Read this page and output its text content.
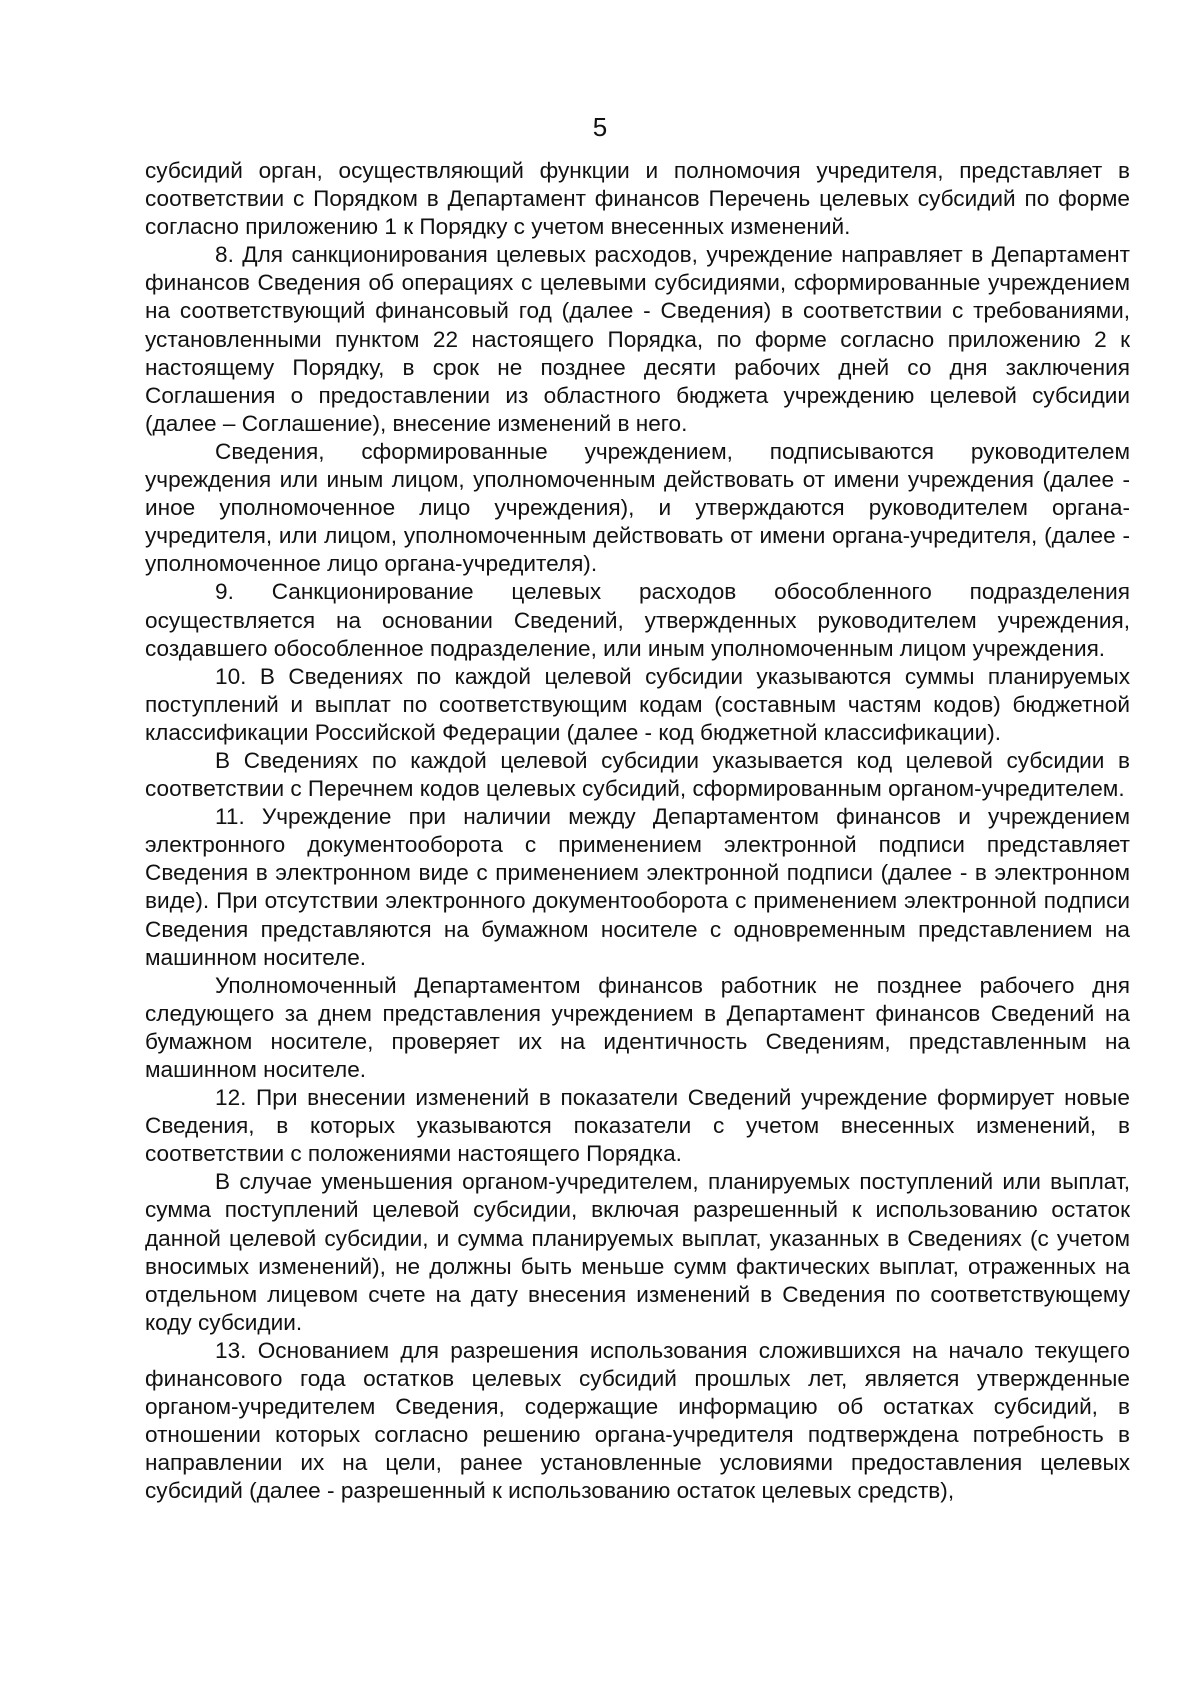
5

субсидий орган, осуществляющий функции и полномочия учредителя, представляет в соответствии с Порядком в Департамент финансов Перечень целевых субсидий по форме согласно приложению 1 к Порядку с учетом внесенных изменений.

8. Для санкционирования целевых расходов, учреждение направляет в Департамент финансов Сведения об операциях с целевыми субсидиями, сформированные учреждением на соответствующий финансовый год (далее - Сведения) в соответствии с требованиями, установленными пунктом 22 настоящего Порядка, по форме согласно приложению 2 к настоящему Порядку, в срок не позднее десяти рабочих дней со дня заключения Соглашения о предоставлении из областного бюджета учреждению целевой субсидии (далее – Соглашение), внесение изменений в него.

Сведения, сформированные учреждением, подписываются руководителем учреждения или иным лицом, уполномоченным действовать от имени учреждения (далее - иное уполномоченное лицо учреждения), и утверждаются руководителем органа-учредителя, или лицом, уполномоченным действовать от имени органа-учредителя, (далее - уполномоченное лицо органа-учредителя).

9. Санкционирование целевых расходов обособленного подразделения осуществляется на основании Сведений, утвержденных руководителем учреждения, создавшего обособленное подразделение, или иным уполномоченным лицом учреждения.

10. В Сведениях по каждой целевой субсидии указываются суммы планируемых поступлений и выплат по соответствующим кодам (составным частям кодов) бюджетной классификации Российской Федерации (далее - код бюджетной классификации).

В Сведениях по каждой целевой субсидии указывается код целевой субсидии в соответствии с Перечнем кодов целевых субсидий, сформированным органом-учредителем.

11. Учреждение при наличии между Департаментом финансов и учреждением электронного документооборота с применением электронной подписи представляет Сведения в электронном виде с применением электронной подписи (далее - в электронном виде). При отсутствии электронного документооборота с применением электронной подписи Сведения представляются на бумажном носителе с одновременным представлением на машинном носителе.

Уполномоченный Департаментом финансов работник не позднее рабочего дня следующего за днем представления учреждением в Департамент финансов Сведений на бумажном носителе, проверяет их на идентичность Сведениям, представленным на машинном носителе.

12. При внесении изменений в показатели Сведений учреждение формирует новые Сведения, в которых указываются показатели с учетом внесенных изменений, в соответствии с положениями настоящего Порядка.

В случае уменьшения органом-учредителем, планируемых поступлений или выплат, сумма поступлений целевой субсидии, включая разрешенный к использованию остаток данной целевой субсидии, и сумма планируемых выплат, указанных в Сведениях (с учетом вносимых изменений), не должны быть меньше сумм фактических выплат, отраженных на отдельном лицевом счете на дату внесения изменений в Сведения по соответствующему коду субсидии.

13. Основанием для разрешения использования сложившихся на начало текущего финансового года остатков целевых субсидий прошлых лет, является утвержденные органом-учредителем Сведения, содержащие информацию об остатках субсидий, в отношении которых согласно решению органа-учредителя подтверждена потребность в направлении их на цели, ранее установленные условиями предоставления целевых субсидий (далее - разрешенный к использованию остаток целевых средств),
